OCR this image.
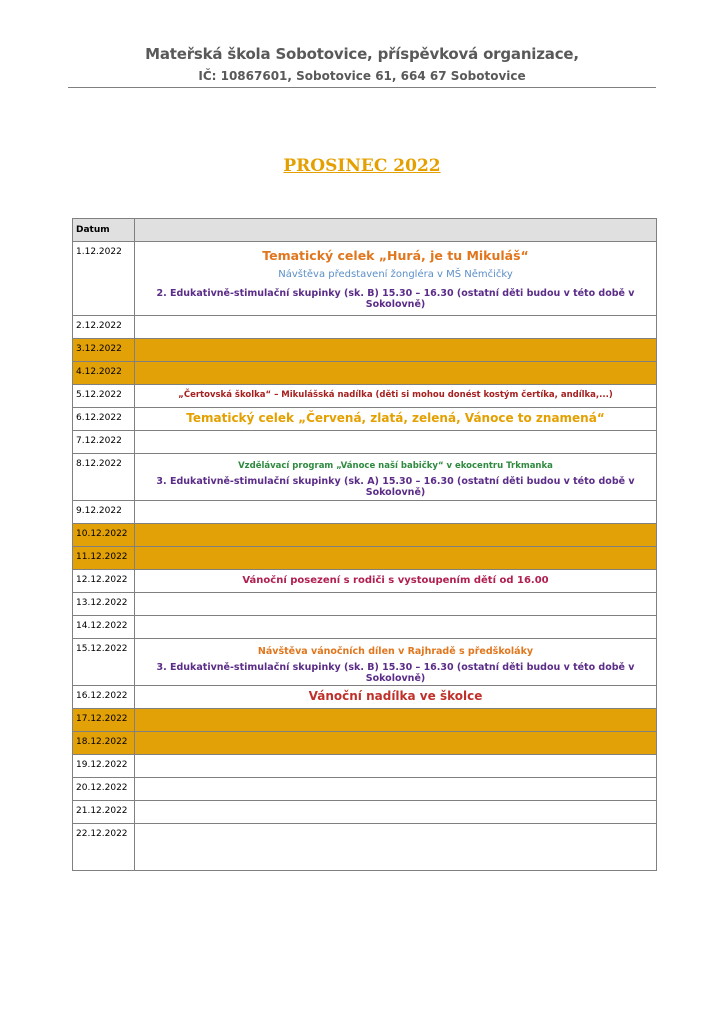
Mateřská škola Sobotovice, příspěvková organizace,
IČ: 10867601, Sobotovice 61, 664 67 Sobotovice
PROSINEC 2022
Datum	

1.12.2022	Tematický celek „Hurá, je tu Mikuláš“
Návštěva představení žongléra v MŠ Němčičky
2. Edukativně-stimulační skupinky (sk. B) 15.30 – 16.30 (ostatní děti budou v této době v Sokolovně)

2.12.2022	

3.12.2022	

4.12.2022	

5.12.2022	„Čertovská školka“ – Mikulášská nadílka (děti si mohou donést kostým čertíka, andílka,...)

6.12.2022	Tematický celek „Červená, zlatá, zelená, Vánoce to znamená“

7.12.2022	

8.12.2022	Vzdělávací program „Vánoce naší babičky“ v ekocentru Trkmanka
3. Edukativně-stimulační skupinky (sk. A) 15.30 – 16.30 (ostatní děti budou v této době v Sokolovně)

9.12.2022	

10.12.2022	

11.12.2022	

12.12.2022	Vánoční posezení s rodiči s vystoupením dětí od 16.00

13.12.2022	

14.12.2022	

15.12.2022	Návštěva vánočních dílen v Rajhradě s předškoláky
3. Edukativně-stimulační skupinky (sk. B) 15.30 – 16.30 (ostatní děti budou v této době v Sokolovně)

16.12.2022	Vánoční nadílka ve školce

17.12.2022	

18.12.2022	

19.12.2022	

20.12.2022	

21.12.2022	

22.12.2022	
